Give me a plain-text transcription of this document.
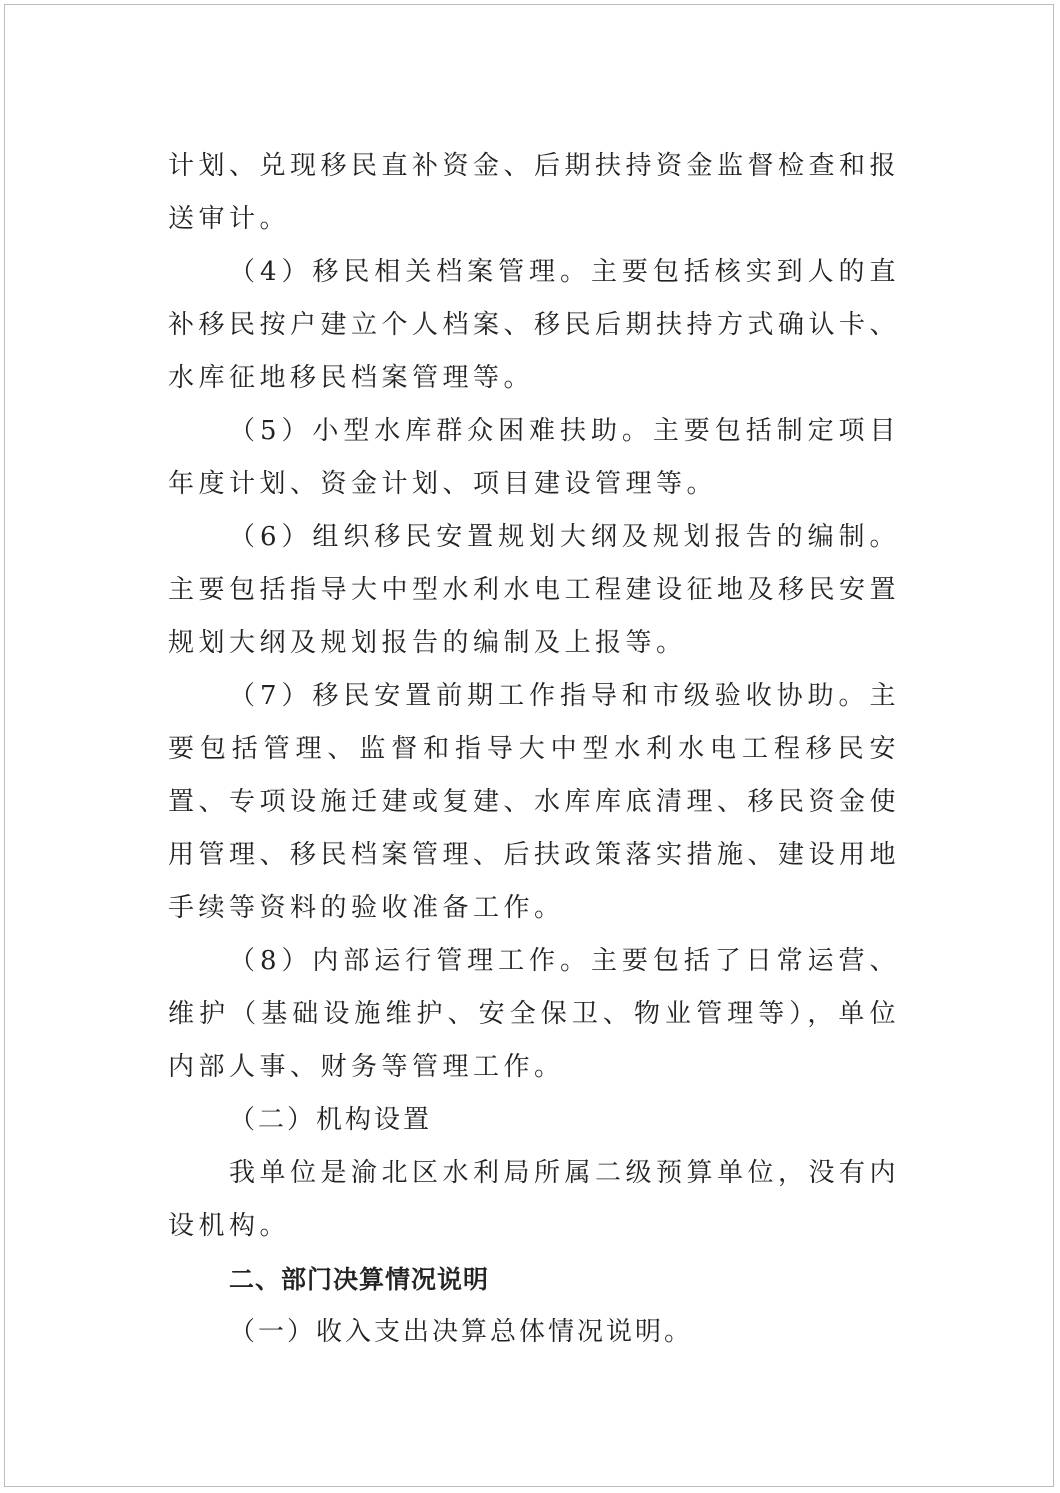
计划、兑现移民直补资金、后期扶持资金监督检查和报送审计。

（4）移民相关档案管理。主要包括核实到人的直补移民按户建立个人档案、移民后期扶持方式确认卡、水库征地移民档案管理等。

（5）小型水库群众困难扶助。主要包括制定项目年度计划、资金计划、项目建设管理等。

（6）组织移民安置规划大纲及规划报告的编制。主要包括指导大中型水利水电工程建设征地及移民安置规划大纲及规划报告的编制及上报等。

（7）移民安置前期工作指导和市级验收协助。主要包括管理、监督和指导大中型水利水电工程移民安置、专项设施迁建或复建、水库库底清理、移民资金使用管理、移民档案管理、后扶政策落实措施、建设用地手续等资料的验收准备工作。

（8）内部运行管理工作。主要包括了日常运营、维护（基础设施维护、安全保卫、物业管理等），单位内部人事、财务等管理工作。

（二）机构设置

我单位是渝北区水利局所属二级预算单位，没有内设机构。

二、部门决算情况说明

（一）收入支出决算总体情况说明。
